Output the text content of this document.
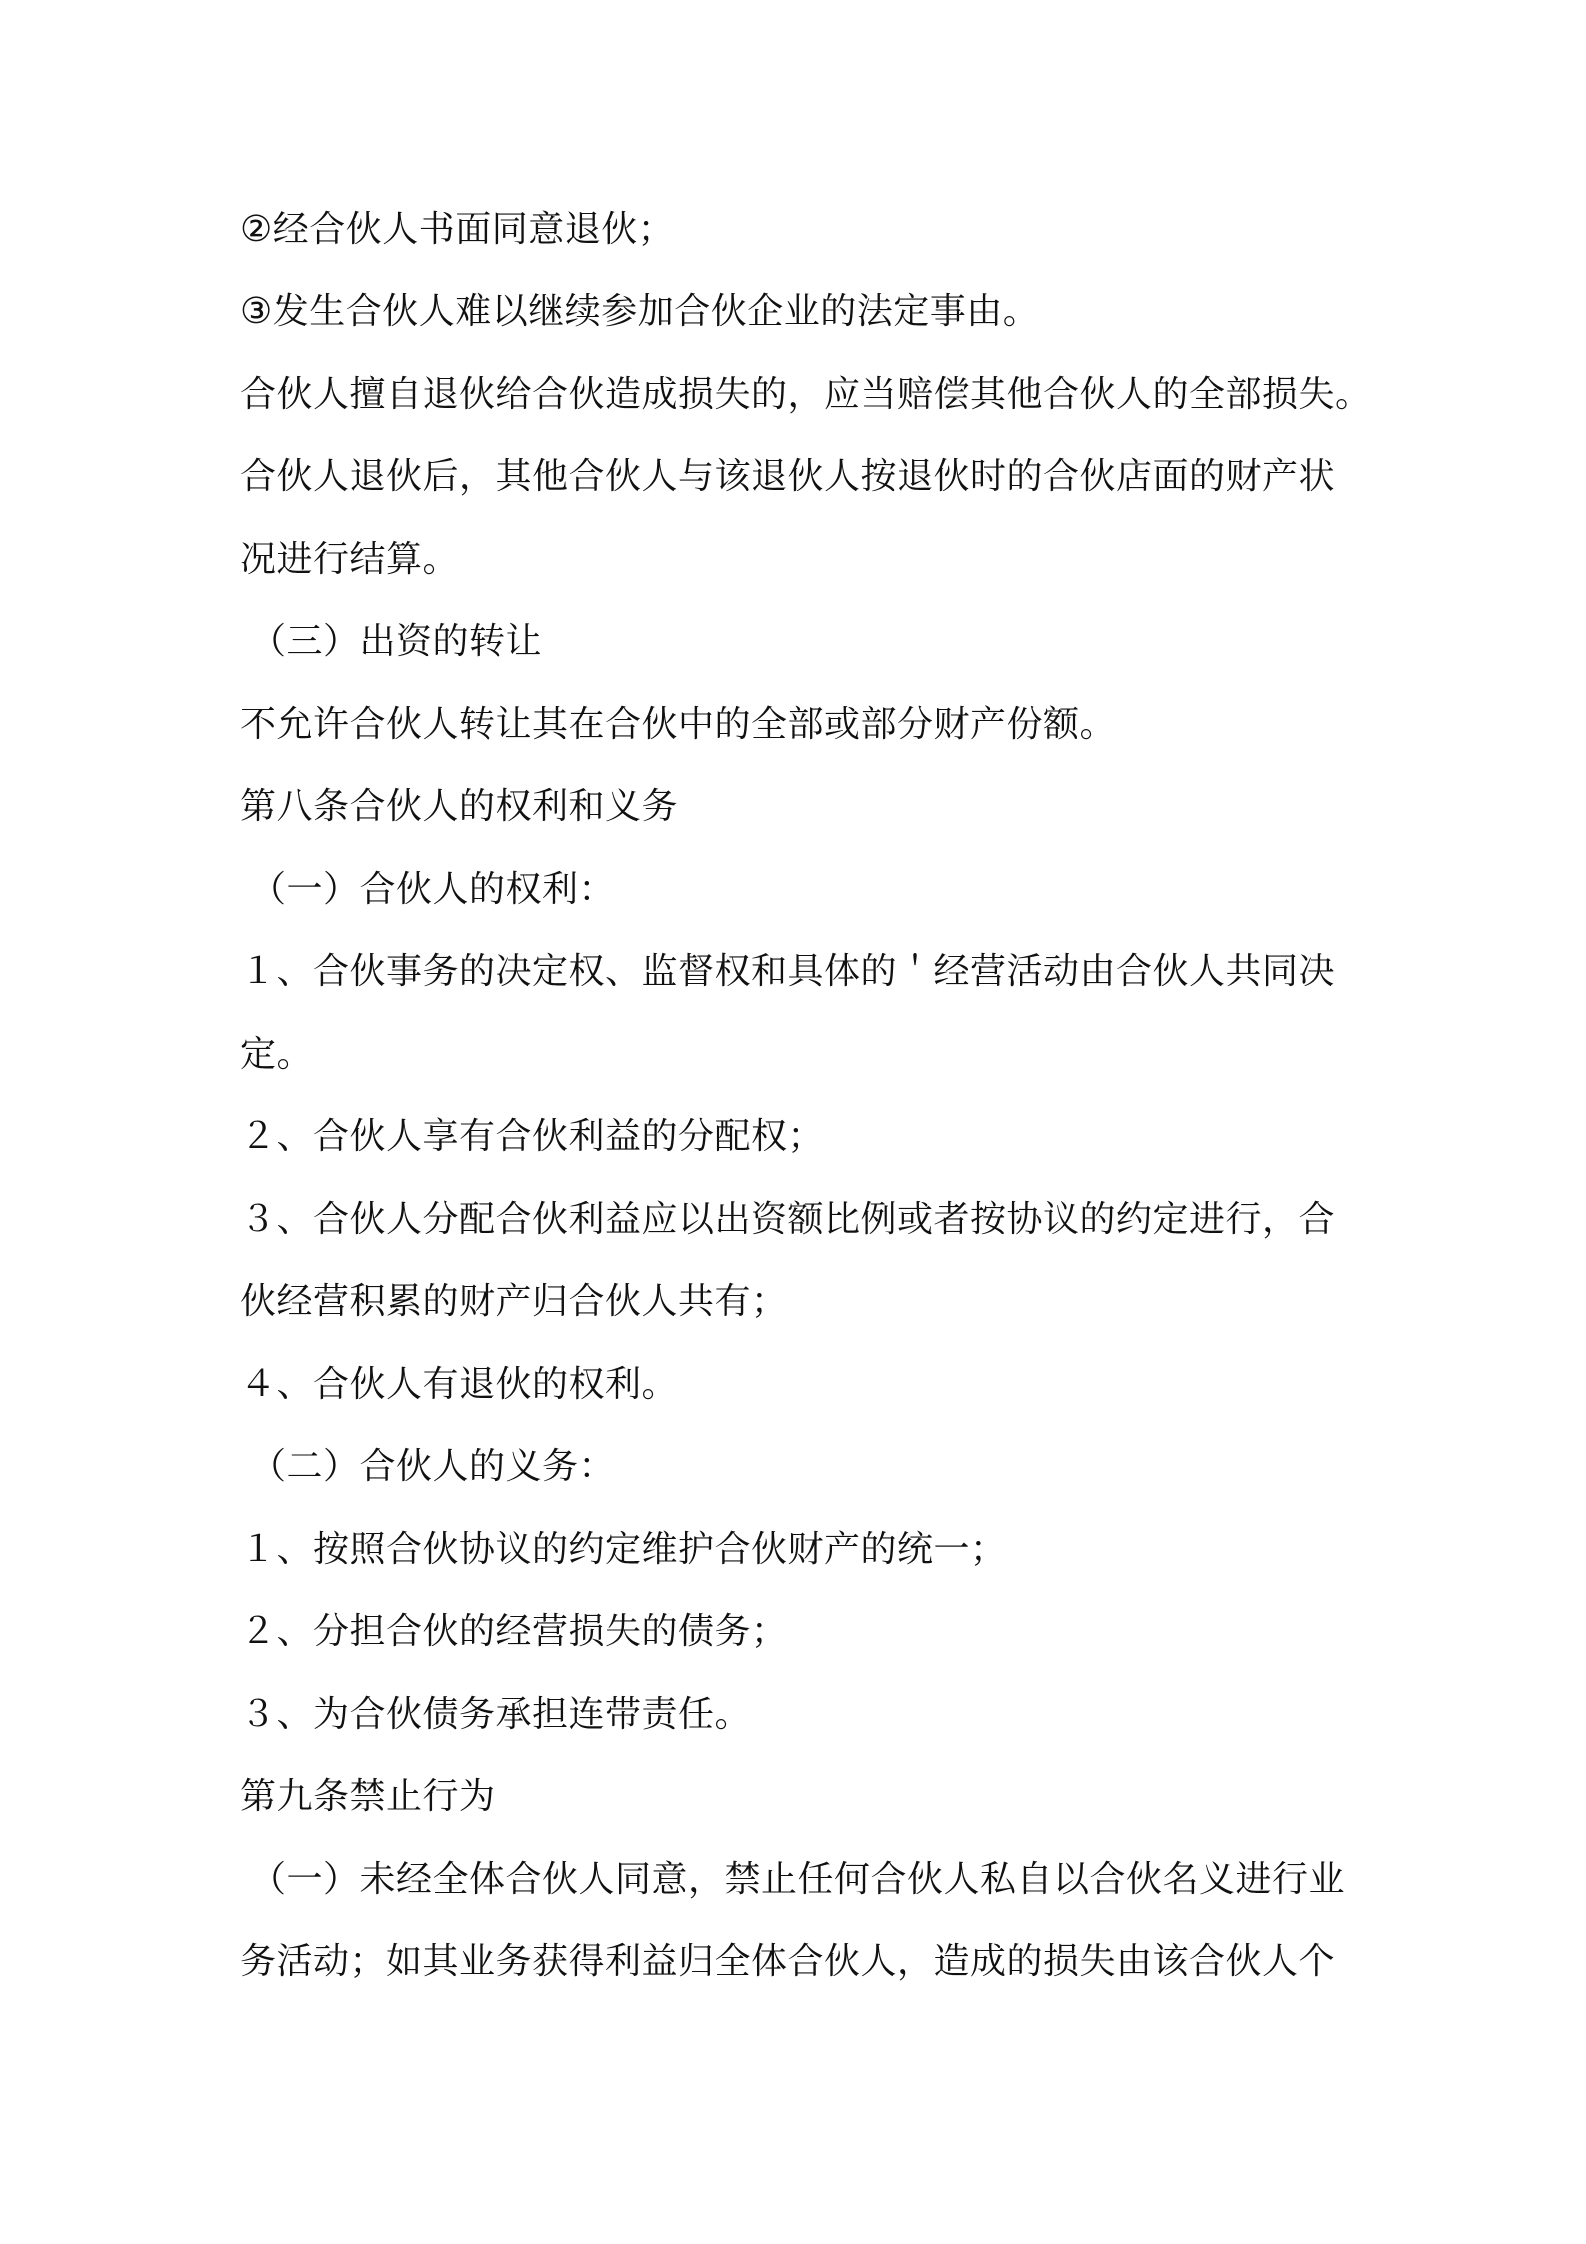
②经合伙人书面同意退伙；

③发生合伙人难以继续参加合伙企业的法定事由。

合伙人擅自退伙给合伙造成损失的，应当赔偿其他合伙人的全部损失。

合伙人退伙后，其他合伙人与该退伙人按退伙时的合伙店面的财产状

况进行结算。

（三）出资的转让

不允许合伙人转让其在合伙中的全部或部分财产份额。

第八条合伙人的权利和义务

（一）合伙人的权利：

１、合伙事务的决定权、监督权和具体的＇经营活动由合伙人共同决

定。

２、合伙人享有合伙利益的分配权；

３、合伙人分配合伙利益应以出资额比例或者按协议的约定进行，合

伙经营积累的财产归合伙人共有；

４、合伙人有退伙的权利。

（二）合伙人的义务：

１、按照合伙协议的约定维护合伙财产的统一；

２、分担合伙的经营损失的债务；

３、为合伙债务承担连带责任。

第九条禁止行为

（一）未经全体合伙人同意，禁止任何合伙人私自以合伙名义进行业

务活动；如其业务获得利益归全体合伙人，造成的损失由该合伙人个
